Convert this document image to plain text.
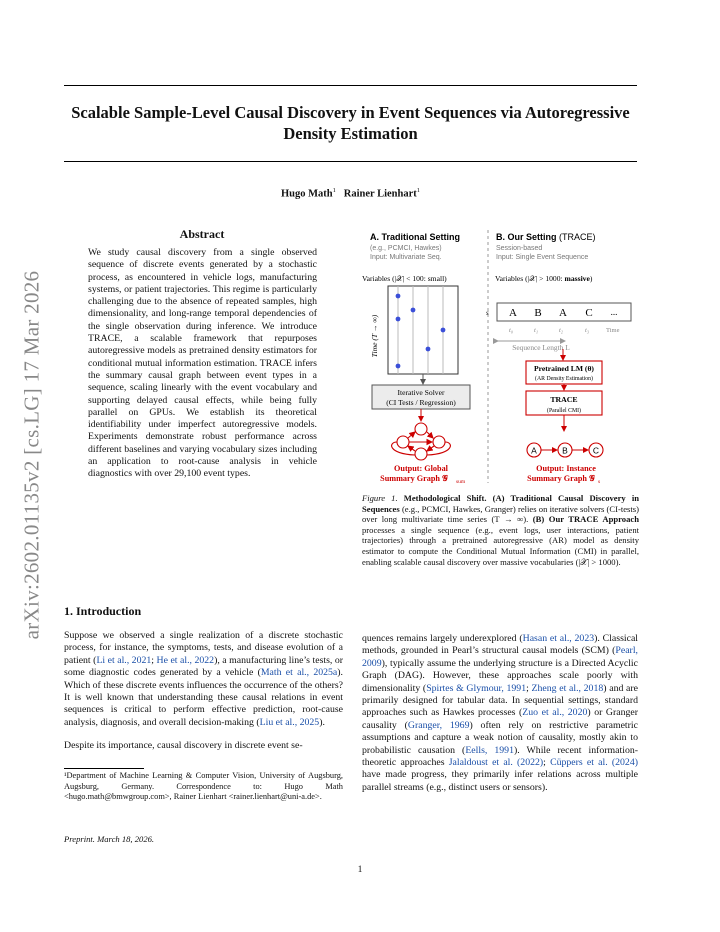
arXiv:2602.01135v2 [cs.LG] 17 Mar 2026
Scalable Sample-Level Causal Discovery in Event Sequences via Autoregressive Density Estimation
Hugo Math$^1$ Rainer Lienhart$^1$
Abstract
We study causal discovery from a single observed sequence of discrete events generated by a stochastic process, as encountered in vehicle logs, manufacturing systems, or patient trajectories. This regime is particularly challenging due to the absence of repeated samples, high dimensionality, and long-range temporal dependencies of the single observation during inference. We introduce TRACE, a scalable framework that repurposes autoregressive models as pretrained density estimators for conditional mutual information estimation. TRACE infers the summary causal graph between event types in a sequence, scaling linearly with the event vocabulary and supporting delayed causal effects, while being fully parallel on GPUs. We establish its theoretical identifiability under imperfect autoregressive models. Experiments demonstrate robust performance across different baselines and varying vocabulary sizes including an application to root-cause analysis in vehicle diagnostics with over 29,100 event types.
1. Introduction
Suppose we observed a single realization of a discrete stochastic process, for instance, the symptoms, tests, and disease evolution of a patient (Li et al., 2021; He et al., 2022), a manufacturing line’s tests, or some diagnostic codes generated by a vehicle (Math et al., 2025a). Which of these discrete events influences the occurrence of the others? It is well known that understanding these causal relations in event sequences is critical to perform effective prediction, root-cause analysis, diagnosis, and overall decision-making (Liu et al., 2025).
Despite its importance, causal discovery in discrete event se-
¹Department of Machine Learning & Computer Vision, University of Augsburg, Augsburg, Germany. Correspondence to: Hugo Math <hugo.math@bmwgroup.com>, Rainer Lienhart <rainer.lienhart@uni-a.de>.
Preprint. March 18, 2026.
quences remains largely underexplored (Hasan et al., 2023). Classical methods, grounded in Pearl’s structural causal models (SCM) (Pearl, 2009), typically assume the underlying structure is a Directed Acyclic Graph (DAG). However, these approaches scale poorly with dimensionality (Spirtes & Glymour, 1991; Zheng et al., 2018) and are primarily designed for tabular data. In sequential settings, standard approaches such as Hawkes processes (Zuo et al., 2020) or Granger causality (Granger, 1969) often rely on restrictive parametric assumptions and capture a weak notion of causality, mostly akin to probabilistic causation (Eells, 1991). While recent information-theoretic approaches Jalaldoust et al. (2022); Cüppers et al. (2024) have made progress, they primarily infer relations across multiple parallel streams (e.g., distinct users or sensors).
A. Traditional Setting
(e.g., PCMCI, Hawkes)
Input: Multivariate Seq.
Variables (|𝒳| < 100: small)
Time (T → ∞)
Iterative Solver
(CI Tests / Regression)
Output: Global
Summary Graph 𝒢 sum
B. Our Setting (TRACE)
Session-based
Input: Single Event Sequence
Variables (|𝒳| > 1000: massive)
s A B A C ...
t₀	t₁	t₂	t₃	Time
Sequence Length L
Pretrained LM (θ)
(AR Density Estimation)
TRACE
(Parallel CMI)
A	B	C
Output: Instance
Summary Graph 𝒢 s
Figure 1. Methodological Shift. (A) Traditional Causal Discovery in Sequences (e.g., PCMCI, Hawkes, Granger) relies on iterative solvers (CI-tests) over long multivariate time series (T → ∞). (B) Our TRACE Approach processes a single sequence (e.g., event logs, user interactions, patient trajectories) through a pretrained autoregressive (AR) model as density estimator to compute the Conditional Mutual Information (CMI) in parallel, enabling scalable causal discovery over massive vocabularies (|𝒳| > 1000).
1
